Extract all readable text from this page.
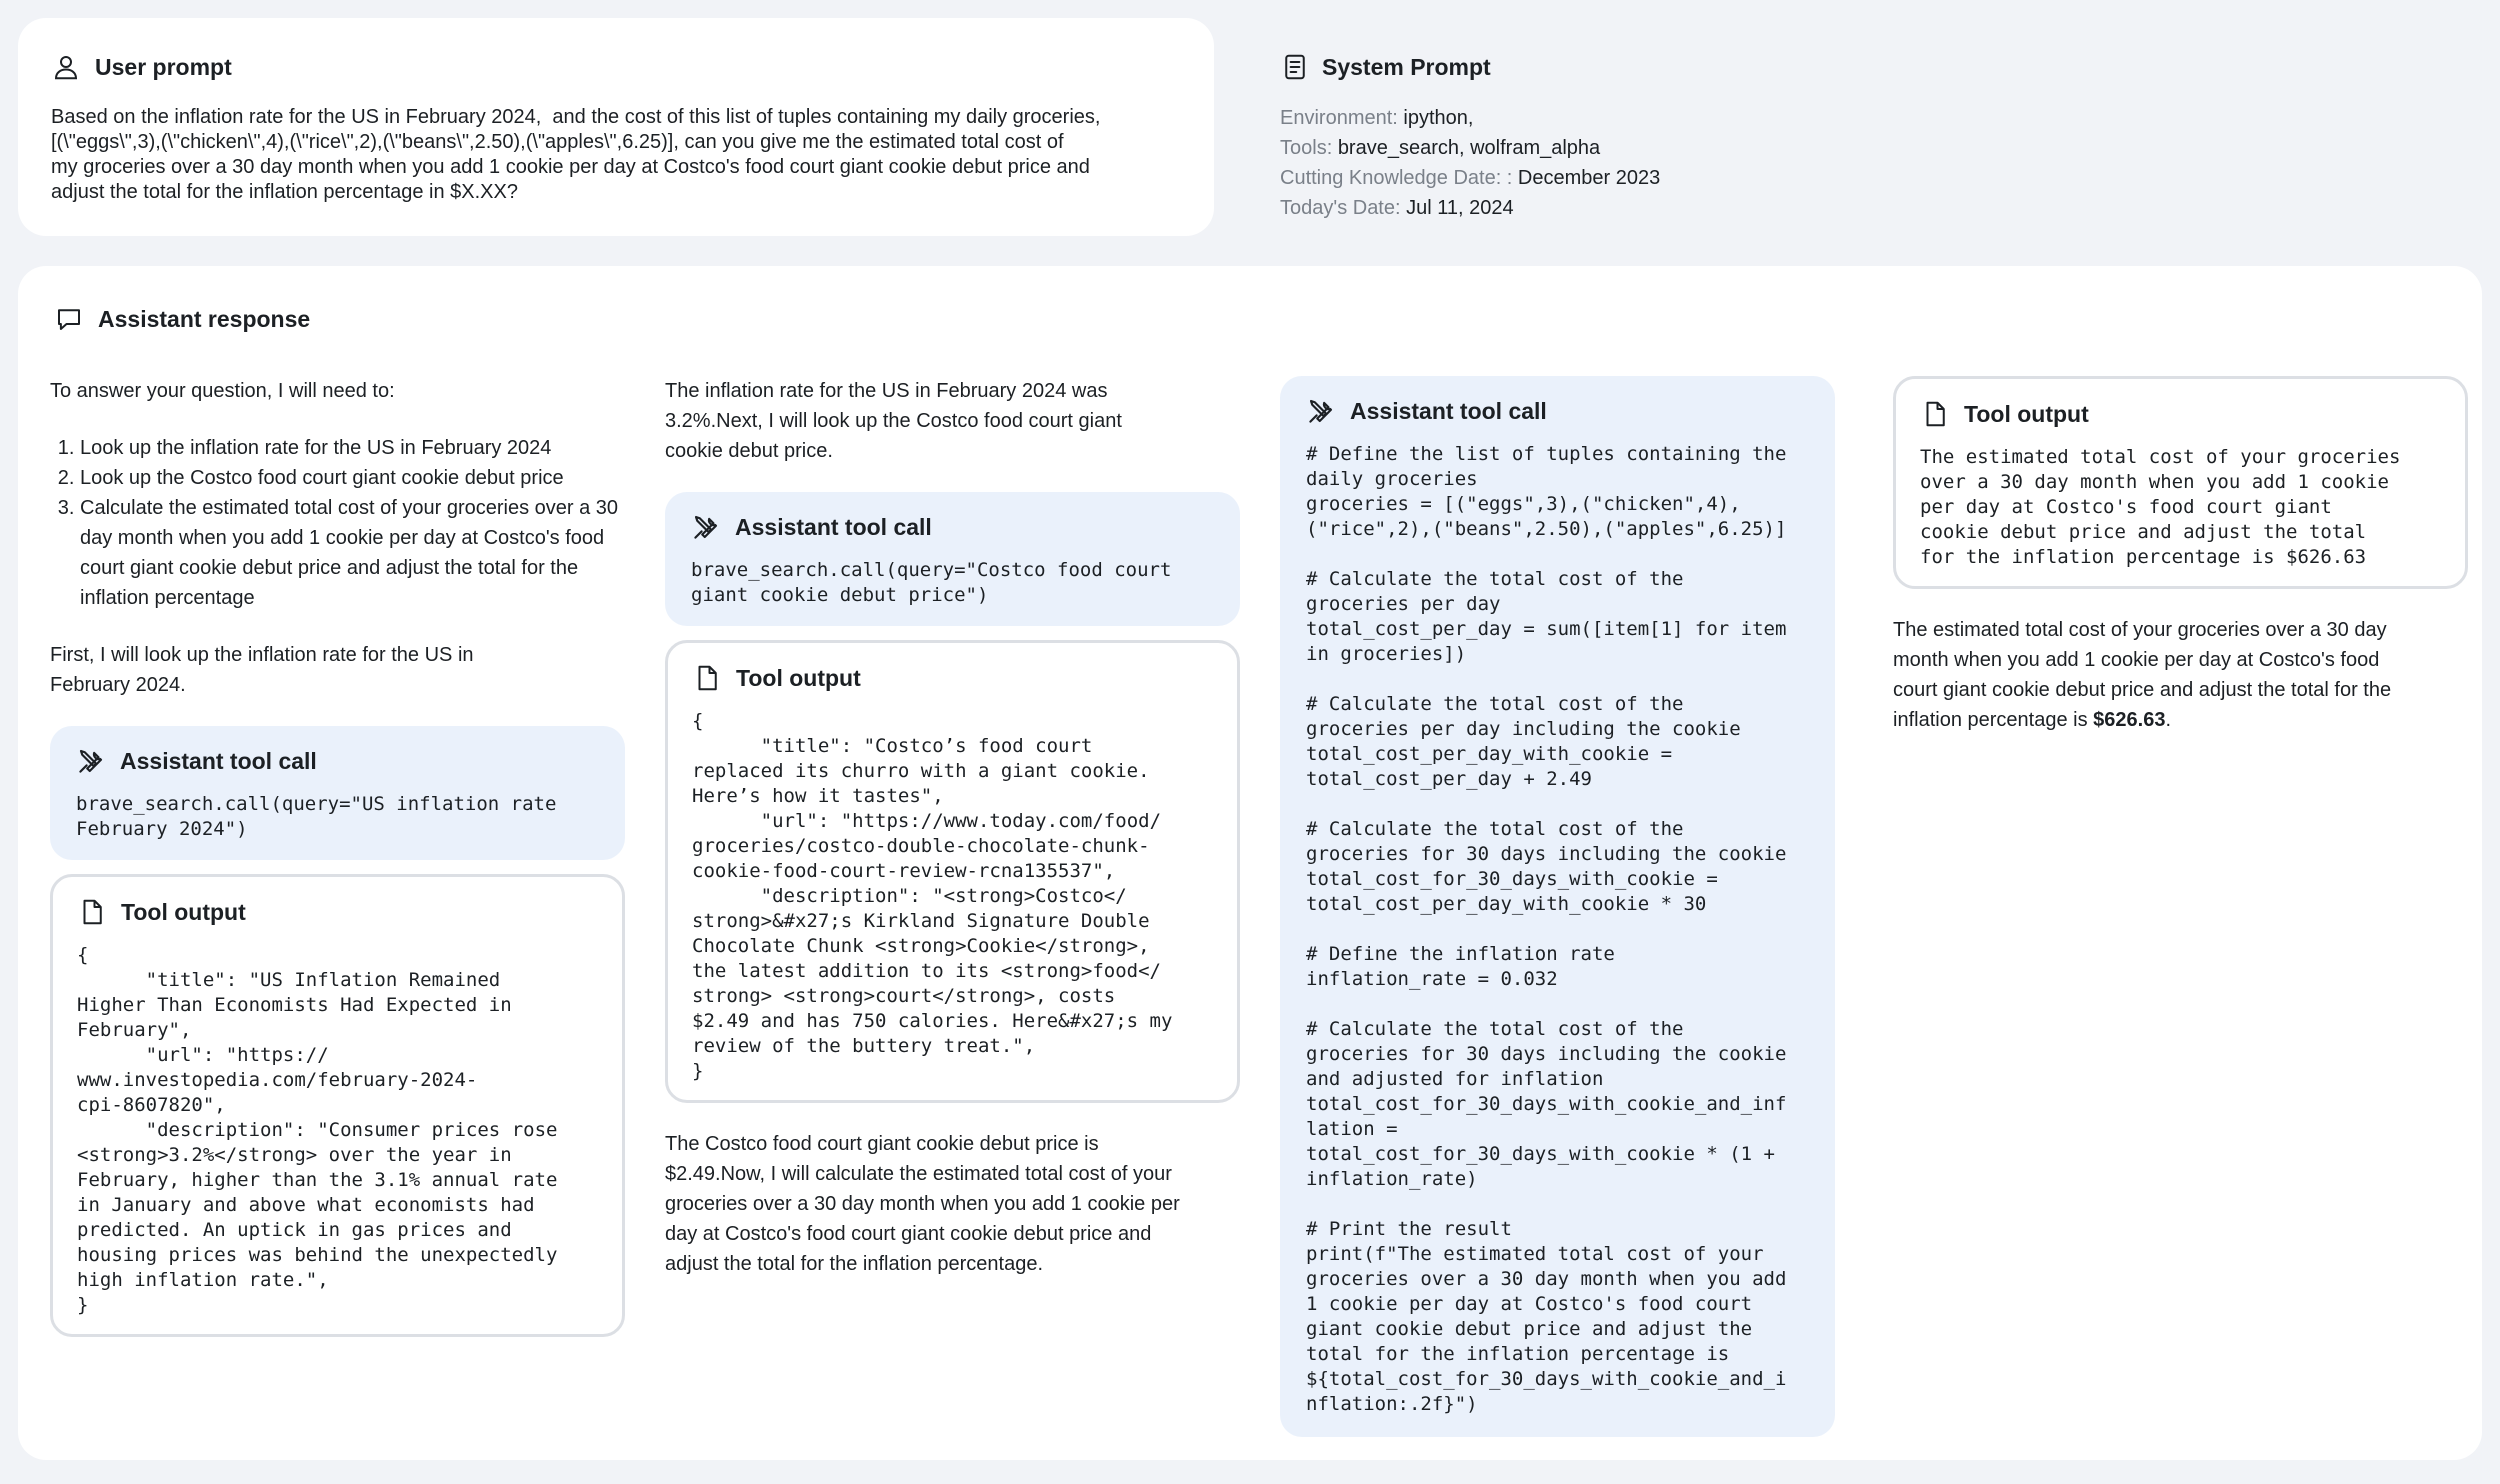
User prompt
Based on the inflation rate for the US in February 2024,  and the cost of this list of tuples containing my daily groceries,
[(\"eggs\",3),(\"chicken\",4),(\"rice\",2),(\"beans\",2.50),(\"apples\",6.25)], can you give me the estimated total cost of
my groceries over a 30 day month when you add 1 cookie per day at Costco's food court giant cookie debut price and
adjust the total for the inflation percentage in $X.XX?
System Prompt
Environment: ipython,
Tools: brave_search, wolfram_alpha
Cutting Knowledge Date: : December 2023
Today's Date: Jul 11, 2024
Assistant response
To answer your question, I will need to:
1. Look up the inflation rate for the US in February 2024
2. Look up the Costco food court giant cookie debut price
3. Calculate the estimated total cost of your groceries over a 30 day month when you add 1 cookie per day at Costco's food court giant cookie debut price and adjust the total for the inflation percentage
First, I will look up the inflation rate for the US in
February 2024.
Assistant tool call
brave_search.call(query="US inflation rate
February 2024")
Tool output
{
"title": "US Inflation Remained
Higher Than Economists Had Expected in
February",
"url": "https://
www.investopedia.com/february-2024-
cpi-8607820",
"description": "Consumer prices rose
<strong>3.2%</strong> over the year in
February, higher than the 3.1% annual rate
in January and above what economists had
predicted. An uptick in gas prices and
housing prices was behind the unexpectedly
high inflation rate.",
}
The inflation rate for the US in February 2024 was
3.2%.Next, I will look up the Costco food court giant
cookie debut price.
Assistant tool call
brave_search.call(query="Costco food court
giant cookie debut price")
Tool output
{
"title": "Costco’s food court
replaced its churro with a giant cookie.
Here’s how it tastes",
"url": "https://www.today.com/food/
groceries/costco-double-chocolate-chunk-
cookie-food-court-review-rcna135537",
"description": "<strong>Costco</
strong>&#x27;s Kirkland Signature Double
Chocolate Chunk <strong>Cookie</strong>,
the latest addition to its <strong>food</
strong> <strong>court</strong>, costs
$2.49 and has 750 calories. Here&#x27;s my
review of the buttery treat.",
}
The Costco food court giant cookie debut price is
$2.49.Now, I will calculate the estimated total cost of your
groceries over a 30 day month when you add 1 cookie per
day at Costco's food court giant cookie debut price and
adjust the total for the inflation percentage.
Assistant tool call
# Define the list of tuples containing the
daily groceries
groceries = [("eggs",3),("chicken",4),
("rice",2),("beans",2.50),("apples",6.25)]

# Calculate the total cost of the
groceries per day
total_cost_per_day = sum([item[1] for item
in groceries])

# Calculate the total cost of the
groceries per day including the cookie
total_cost_per_day_with_cookie =
total_cost_per_day + 2.49

# Calculate the total cost of the
groceries for 30 days including the cookie
total_cost_for_30_days_with_cookie =
total_cost_per_day_with_cookie * 30

# Define the inflation rate
inflation_rate = 0.032

# Calculate the total cost of the
groceries for 30 days including the cookie
and adjusted for inflation
total_cost_for_30_days_with_cookie_and_inf
lation =
total_cost_for_30_days_with_cookie * (1 +
inflation_rate)

# Print the result
print(f"The estimated total cost of your
groceries over a 30 day month when you add
1 cookie per day at Costco's food court
giant cookie debut price and adjust the
total for the inflation percentage is
${total_cost_for_30_days_with_cookie_and_i
nflation:.2f}")
Tool output
The estimated total cost of your groceries
over a 30 day month when you add 1 cookie
per day at Costco's food court giant
cookie debut price and adjust the total
for the inflation percentage is $626.63
The estimated total cost of your groceries over a 30 day
month when you add 1 cookie per day at Costco's food
court giant cookie debut price and adjust the total for the
inflation percentage is $626.63.
